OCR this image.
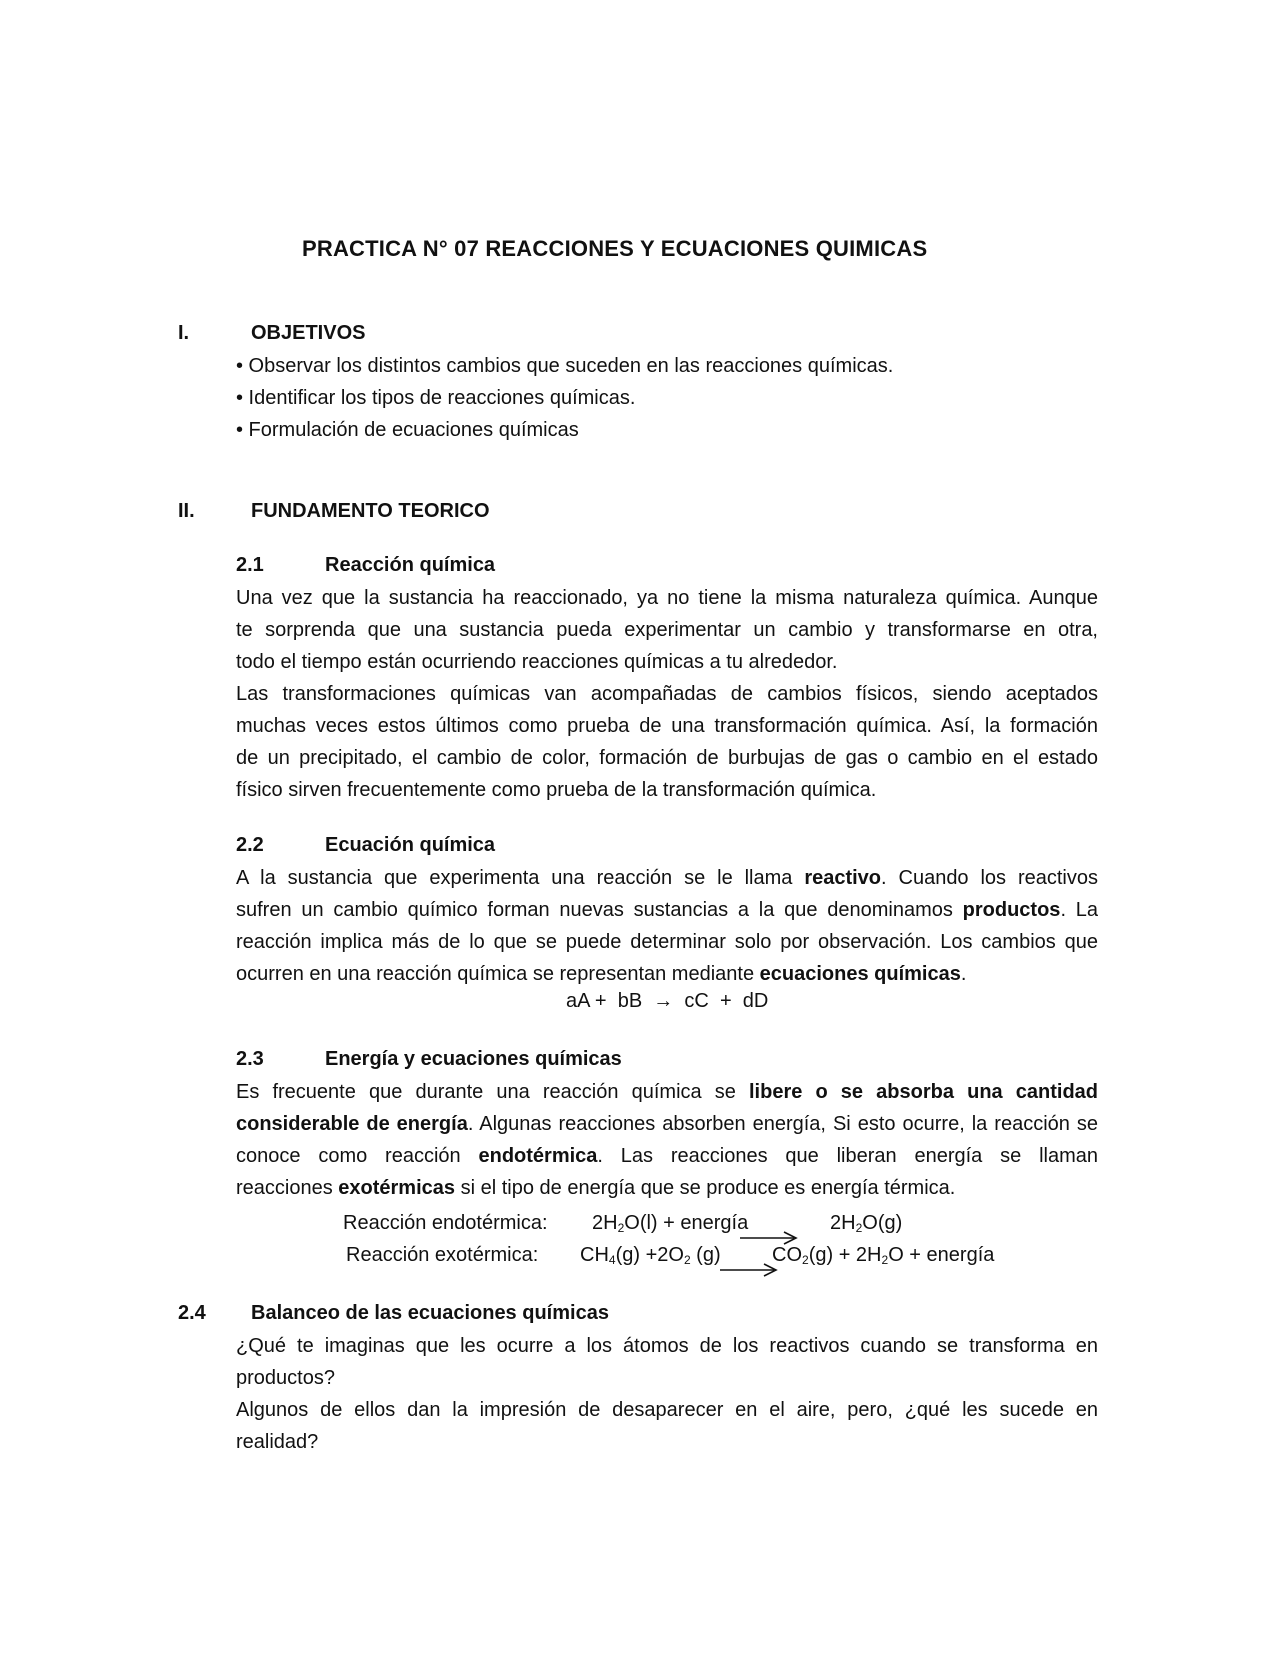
PRACTICA N° 07 REACCIONES Y ECUACIONES QUIMICAS
I.	OBJETIVOS
• Observar los distintos cambios que suceden en las reacciones químicas.
• Identificar los tipos de reacciones químicas.
• Formulación de ecuaciones químicas
II.	FUNDAMENTO TEORICO
2.1	Reacción química
Una vez que la sustancia ha reaccionado, ya no tiene la misma naturaleza química. Aunque
te sorprenda que una sustancia pueda experimentar un cambio y transformarse en otra,
todo el tiempo están ocurriendo reacciones químicas a tu alrededor.
Las transformaciones químicas van acompañadas de cambios físicos, siendo aceptados
muchas veces estos últimos como prueba de una transformación química. Así, la formación
de un precipitado, el cambio de color, formación de burbujas de gas o cambio en el estado
físico sirven frecuentemente como prueba de la transformación química.
2.2	Ecuación química
A la sustancia que experimenta una reacción se le llama reactivo. Cuando los reactivos
sufren un cambio químico forman nuevas sustancias a la que denominamos productos. La
reacción implica más de lo que se puede determinar solo por observación. Los cambios que
ocurren en una reacción química se representan mediante ecuaciones químicas.
aA +  bB  →  cC  +  dD
2.3	Energía y ecuaciones químicas
Es frecuente que durante una reacción química se libere o se absorba una cantidad
considerable de energía. Algunas reacciones absorben energía, Si esto ocurre, la reacción se
conoce como reacción endotérmica. Las reacciones que liberan energía se llaman
reacciones exotérmicas si el tipo de energía que se produce es energía térmica.
Reacción endotérmica: $2H_2O(l)$ + energía	$2H_2O(g)$
Reacción exotérmica: $CH_4(g) +2O_2$ (g)	$CO_2(g) + 2H_2O$ + energía
2.4 Balanceo de las ecuaciones químicas
¿Qué te imaginas que les ocurre a los átomos de los reactivos cuando se transforma en
productos?
Algunos de ellos dan la impresión de desaparecer en el aire, pero, ¿qué les sucede en
realidad?
